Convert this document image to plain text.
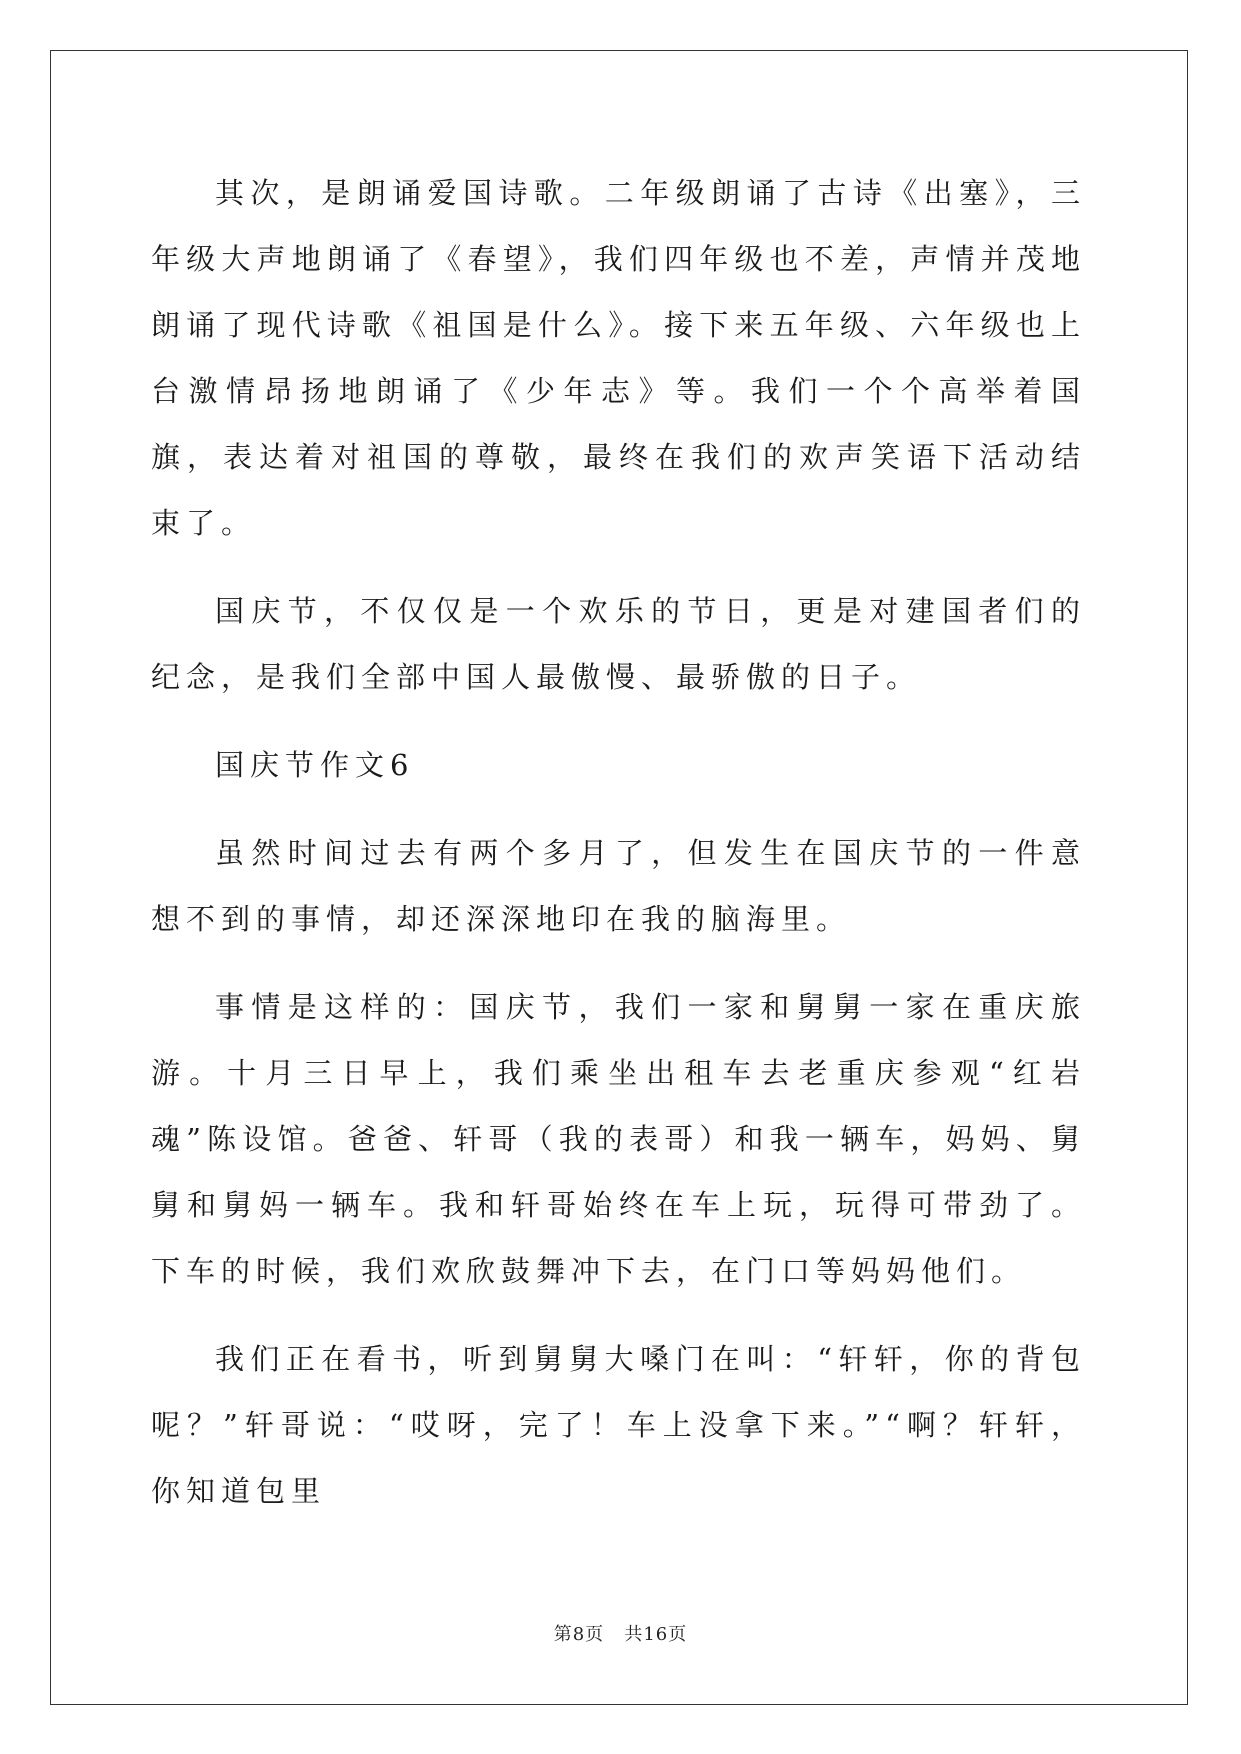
其次，是朗诵爱国诗歌。二年级朗诵了古诗《出塞》，三年级大声地朗诵了《春望》，我们四年级也不差，声情并茂地朗诵了现代诗歌《祖国是什么》。接下来五年级、六年级也上台激情昂扬地朗诵了《少年志》等。我们一个个高举着国旗，表达着对祖国的尊敬，最终在我们的欢声笑语下活动结束了。

国庆节，不仅仅是一个欢乐的节日，更是对建国者们的纪念，是我们全部中国人最傲慢、最骄傲的日子。

国庆节作文6

虽然时间过去有两个多月了，但发生在国庆节的一件意想不到的事情，却还深深地印在我的脑海里。

事情是这样的：国庆节，我们一家和舅舅一家在重庆旅游。十月三日早上，我们乘坐出租车去老重庆参观“红岩魂”陈设馆。爸爸、轩哥（我的表哥）和我一辆车，妈妈、舅舅和舅妈一辆车。我和轩哥始终在车上玩，玩得可带劲了。下车的时候，我们欢欣鼓舞冲下去，在门口等妈妈他们。

我们正在看书，听到舅舅大嗓门在叫：“轩轩，你的背包呢？”轩哥说：“哎呀，完了！车上没拿下来。”“啊？轩轩，你知道包里

第8页 共16页
